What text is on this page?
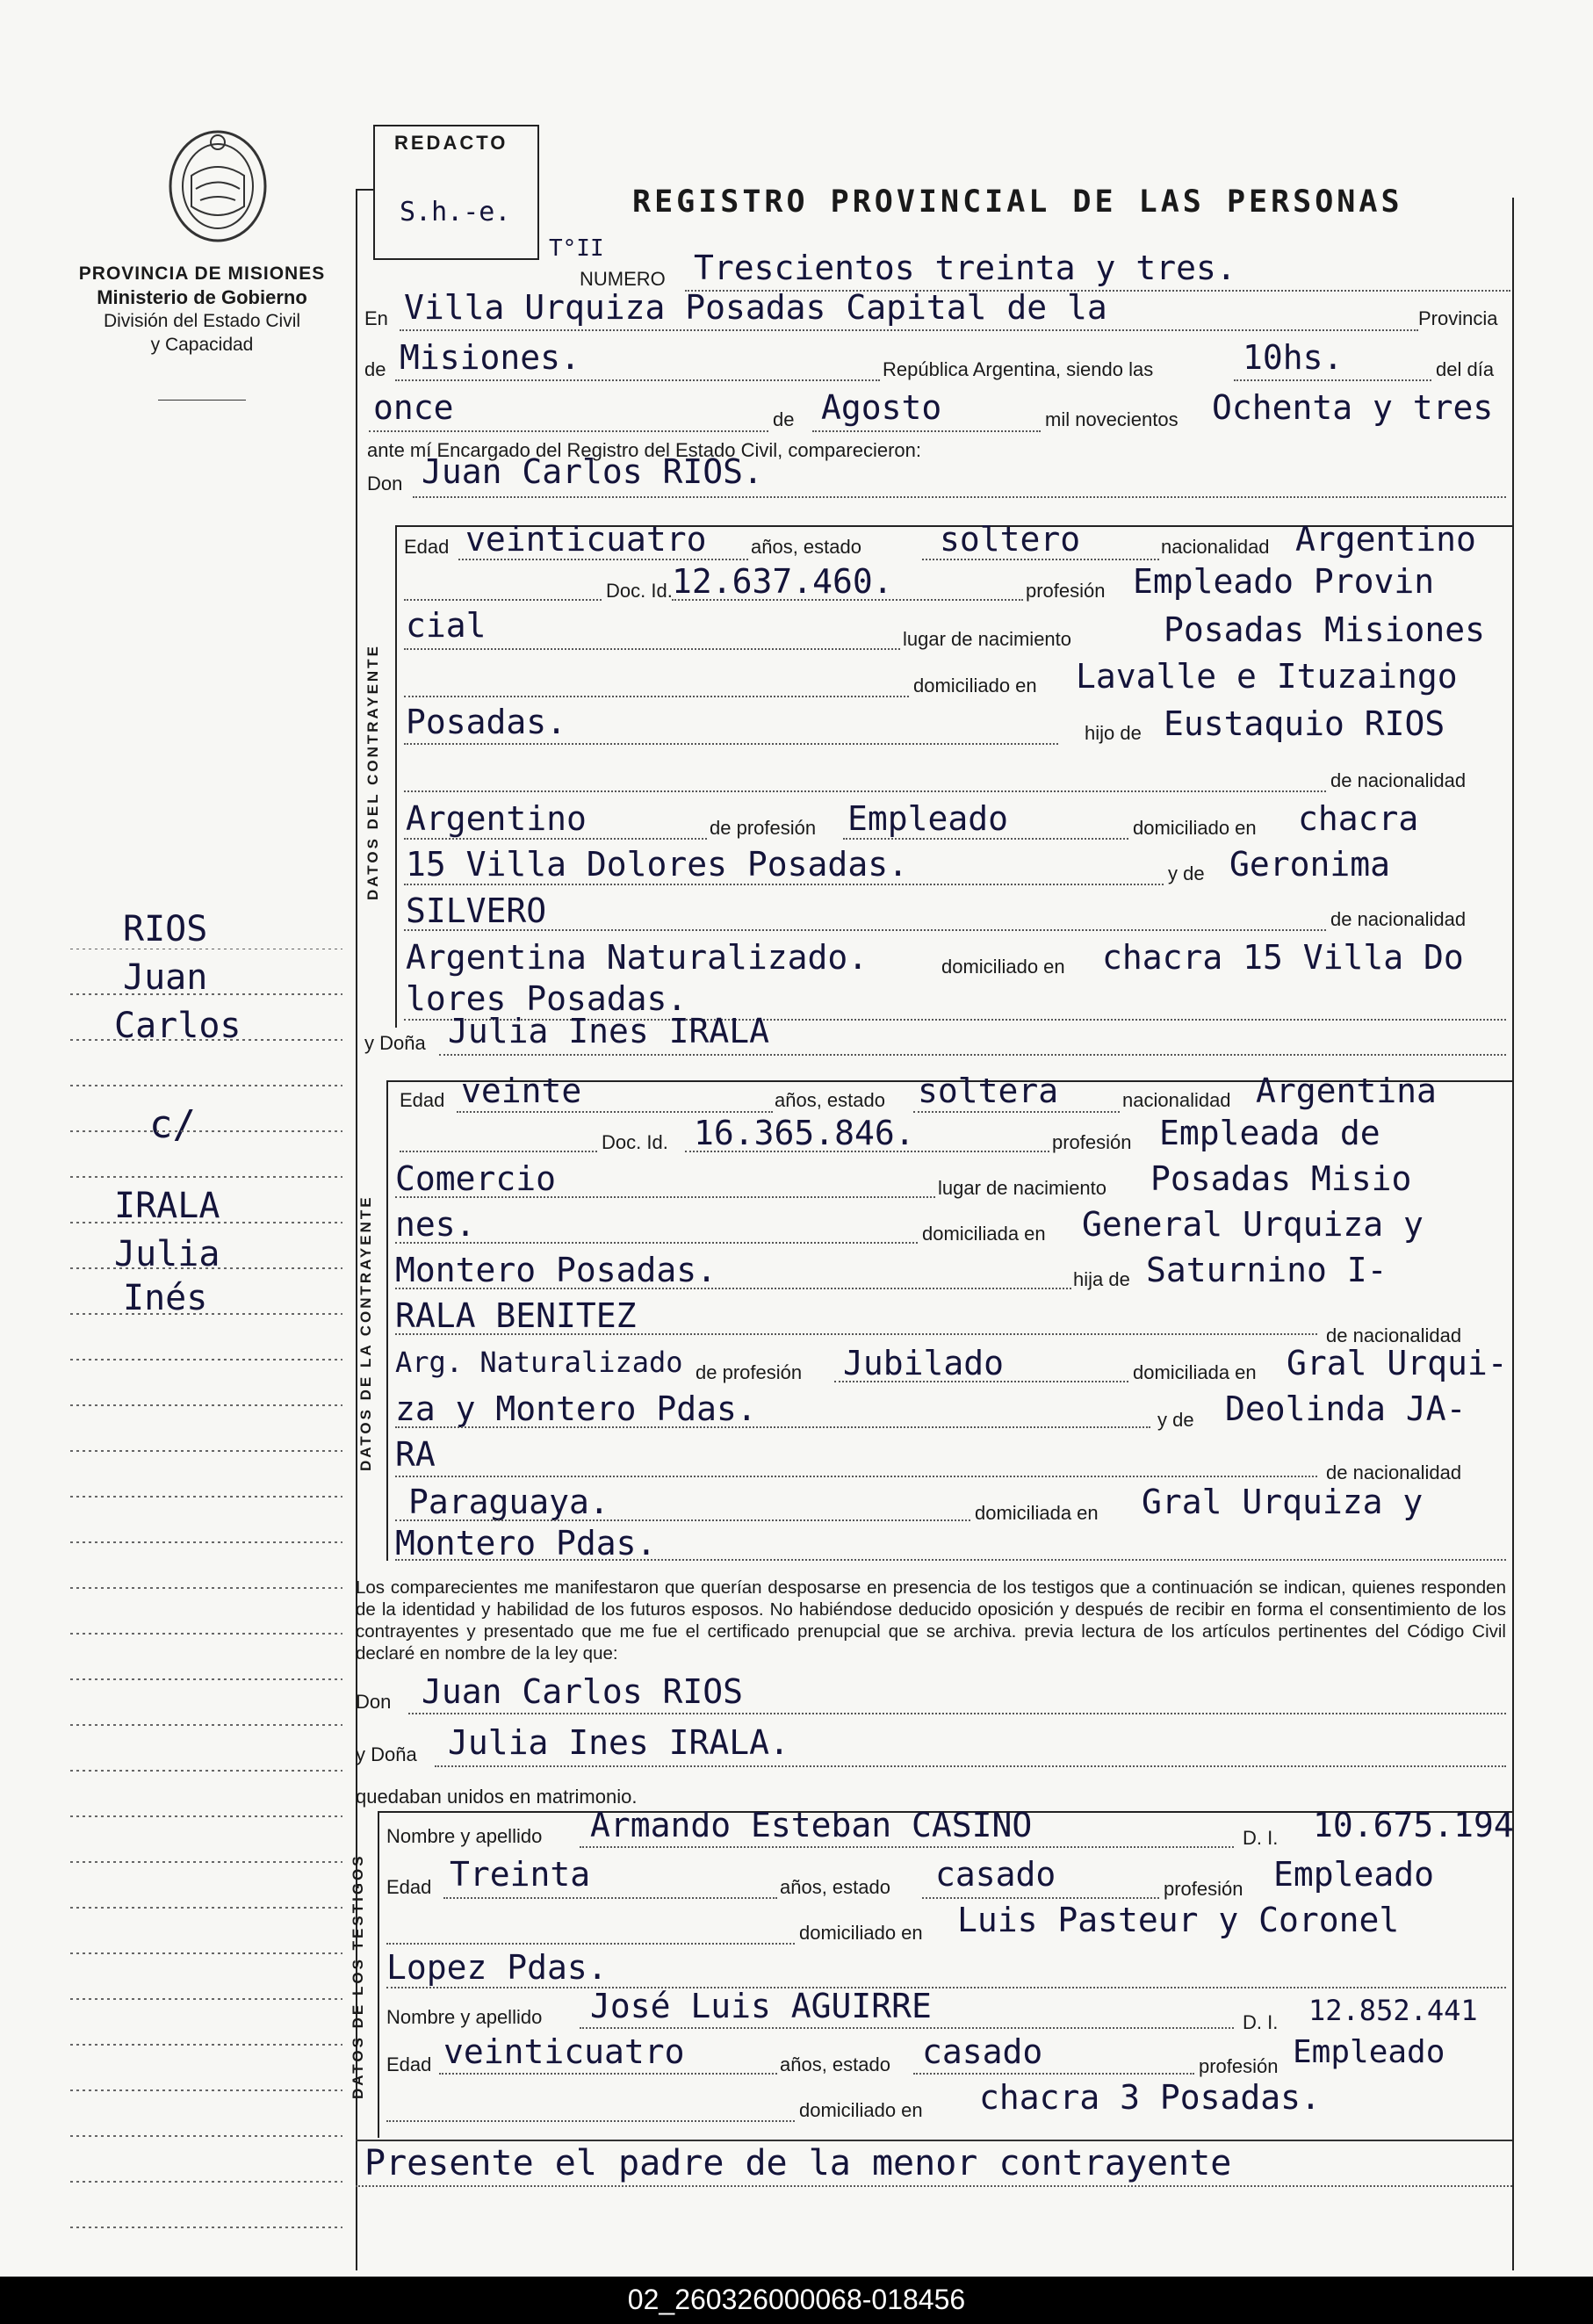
PROVINCIA DE MISIONES
Ministerio de Gobierno
División del Estado Civil
y Capacidad
REDACTO
S.h.-e.	REGISTRO PROVINCIAL DE LAS PERSONAS
T°II
NUMERO Trescientos treinta y tres.
En Villa Urquiza Posadas Capital de la	Provincia
de Misiones.	República Argentina, siendo las	10hs.	del día
once	de Agosto	mil novecientos Ochenta y tres
ante mí Encargado del Registro del Estado Civil, comparecieron:
Don Juan Carlos RIOS.
DATOS DEL CONTRAYENTE
Edad veinticuatro años, estado soltero	nacionalidad Argentino
Doc. Id. 12.637.460.	profesión Empleado Provin
cial	lugar de nacimiento	Posadas Misiones
domiciliado en Lavalle e Ituzaingo
Posadas.	hijo de Eustaquio RIOS
de nacionalidad
Argentino	de profesión Empleado	domiciliado en chacra
15 Villa Dolores Posadas.	y de Geronima
SILVERO	de nacionalidad
Argentina Naturalizado.	domiciliado en chacra 15 Villa Do
lores Posadas.
RIOS
Juan
Carlos
c/
IRALA
Julia
Inés
y Doña Julia Ines IRALA
DATOS DE LA CONTRAYENTE
Edad veinte	años, estado soltera	nacionalidad Argentina
Doc. Id. 16.365.846.	profesión Empleada de
Comercio	lugar de nacimiento Posadas Misio
nes.	domiciliada en General Urquiza y
Montero Posadas.	hija de Saturnino I-
RALA BENITEZ
de nacionalidad
Arg. Naturalizado de profesión Jubilado	domiciliada en Gral Urqui-
za y Montero Pdas.	y de Deolinda JA-
RA	de nacionalidad
Paraguaya.	domiciliada en Gral Urquiza y
Montero Pdas.
Los comparecientes me manifestaron que querían desposarse en presencia de los testigos que a continuación se indican, quienes responden de la identidad y habilidad de los futuros esposos. No habiéndose deducido oposición y después de recibir en forma el consentimiento de los contrayentes y presentado que me fue el certificado prenupcial que se archiva. previa lectura de los artículos pertinentes del Código Civil declaré en nombre de la ley que:
Don Juan Carlos RIOS
y Doña Julia Ines IRALA.
quedaban unidos en matrimonio.
DATOS DE LOS TESTIGOS
Nombre y apellido Armando Esteban CASINO	D. I. 10.675.194
Edad Treinta	años, estado casado	profesión Empleado
domiciliado en Luis Pasteur y Coronel
Lopez Pdas.
Nombre y apellido José Luis AGUIRRE	D. I. 12.852.441
Edad veinticuatro	años, estado casado	profesión Empleado
domiciliado en chacra 3 Posadas.
Presente el padre de la menor contrayente
02_260326000068-018456
